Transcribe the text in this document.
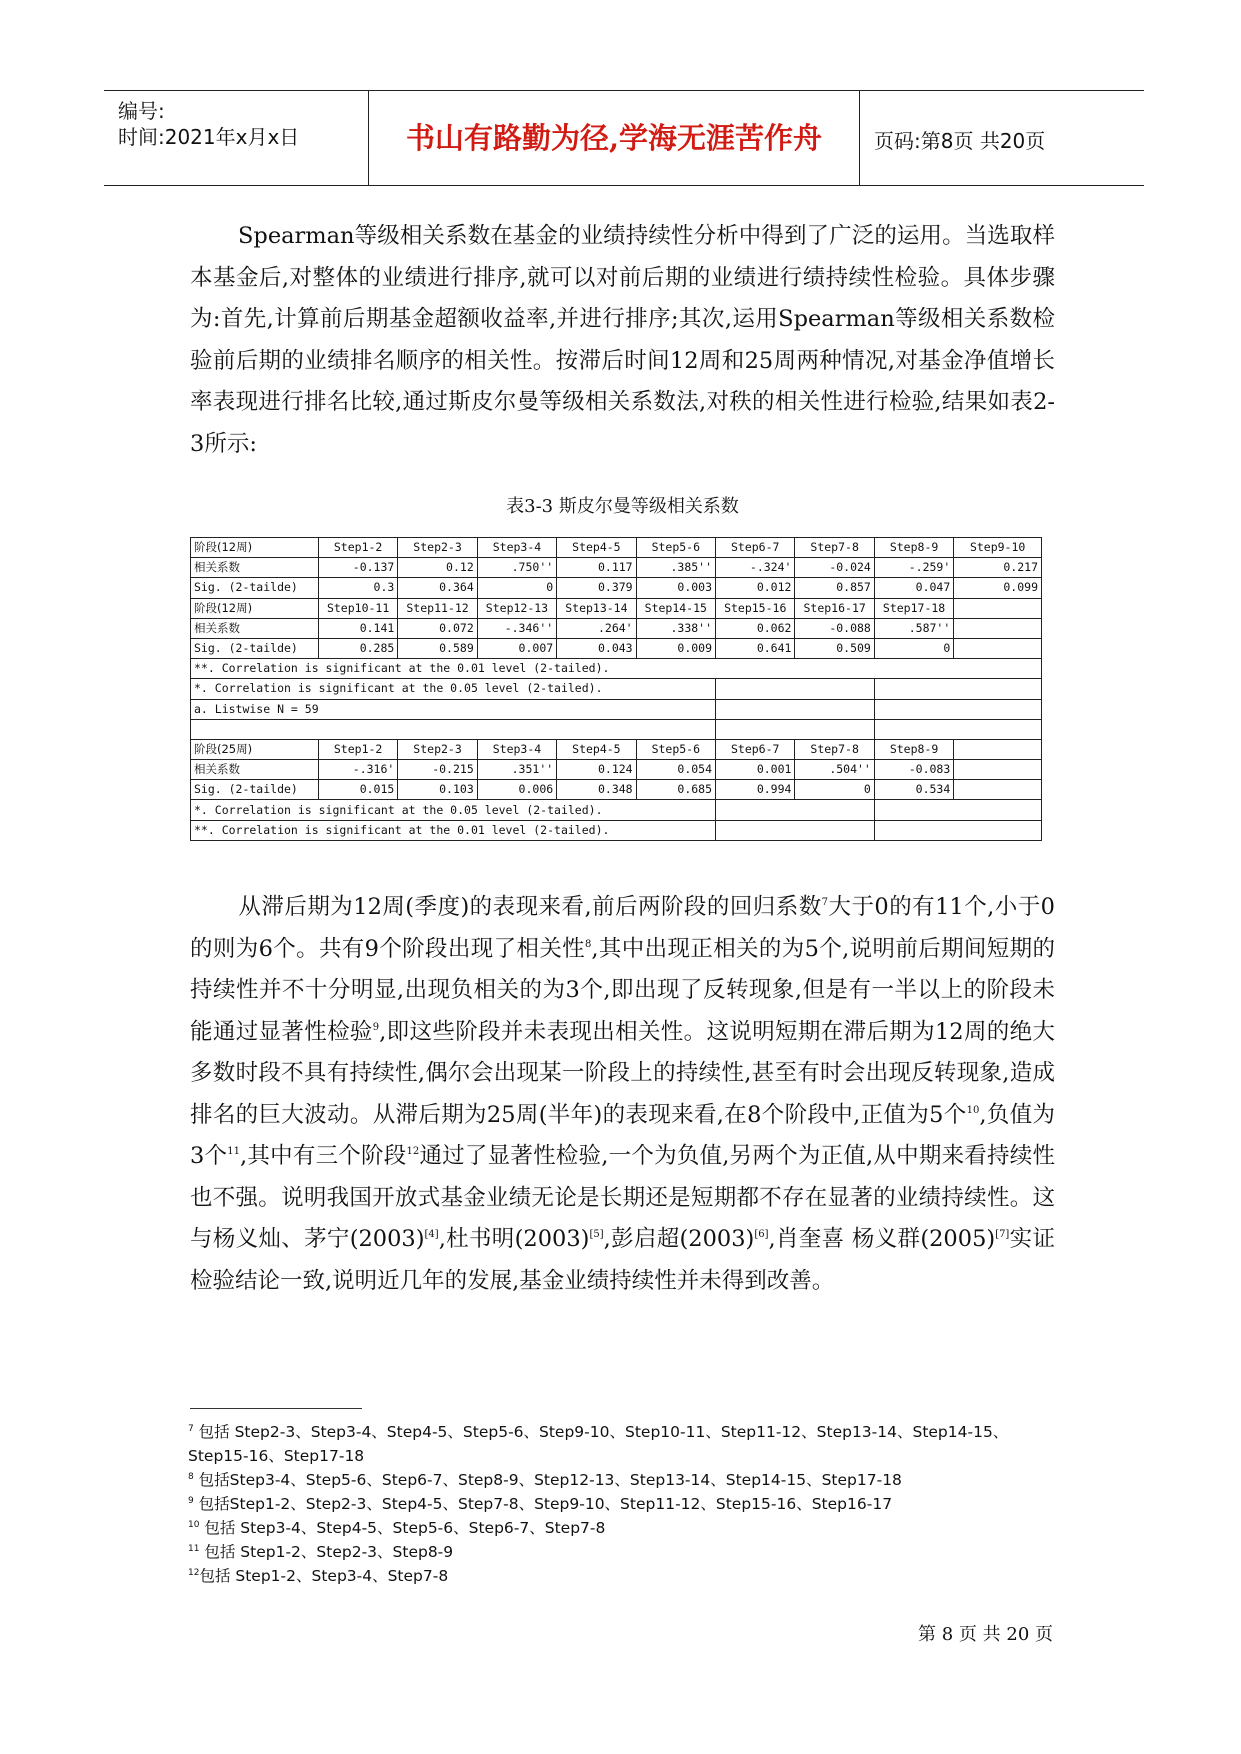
编号:
时间:2021年x月x日	书山有路勤为径,学海无涯苦作舟	页码:第8页 共20页

Spearman等级相关系数在基金的业绩持续性分析中得到了广泛的运用。当选取样本基金后,对整体的业绩进行排序,就可以对前后期的业绩进行绩持续性检验。具体步骤为:首先,计算前后期基金超额收益率,并进行排序;其次,运用Spearman等级相关系数检验前后期的业绩排名顺序的相关性。按滞后时间12周和25周两种情况,对基金净值增长率表现进行排名比较,通过斯皮尔曼等级相关系数法,对秩的相关性进行检验,结果如表2-3所示:

表3-3 斯皮尔曼等级相关系数
阶段(12周)	Step1-2	Step2-3	Step3-4	Step4-5	Step5-6	Step6-7	Step7-8	Step8-9	Step9-10
相关系数	-0.137	0.12	.750''	0.117	.385''	-.324'	-0.024	-.259'	0.217
Sig. (2-tailde)	0.3	0.364	0	0.379	0.003	0.012	0.857	0.047	0.099
阶段(12周)	Step10-11	Step11-12	Step12-13	Step13-14	Step14-15	Step15-16	Step16-17	Step17-18	
相关系数	0.141	0.072	-.346''	.264'	.338''	0.062	-0.088	.587''	
Sig. (2-tailde)	0.285	0.589	0.007	0.043	0.009	0.641	0.509	0	
**. Correlation is significant at the 0.01 level (2-tailed).									
*. Correlation is significant at the 0.05 level (2-tailed).									
a. Listwise N = 59									

阶段(25周)	Step1-2	Step2-3	Step3-4	Step4-5	Step5-6	Step6-7	Step7-8	Step8-9	
相关系数	-.316'	-0.215	.351''	0.124	0.054	0.001	.504''	-0.083	
Sig. (2-tailde)	0.015	0.103	0.006	0.348	0.685	0.994	0	0.534	
*. Correlation is significant at the 0.05 level (2-tailed).									
**. Correlation is significant at the 0.01 level (2-tailed).									

从滞后期为12周(季度)的表现来看,前后两阶段的回归系数$^7$大于0的有11个,小于0的则为6个。共有9个阶段出现了相关性$^8$,其中出现正相关的为5个,说明前后期间短期的持续性并不十分明显,出现负相关的为3个,即出现了反转现象,但是有一半以上的阶段未能通过显著性检验$^9$,即这些阶段并未表现出相关性。这说明短期在滞后期为12周的绝大多数时段不具有持续性,偶尔会出现某一阶段上的持续性,甚至有时会出现反转现象,造成排名的巨大波动。从滞后期为25周(半年)的表现来看,在8个阶段中,正值为5个$^{10}$,负值为3个$^{11}$,其中有三个阶段$^{12}$通过了显著性检验,一个为负值,另两个为正值,从中期来看持续性也不强。说明我国开放式基金业绩无论是长期还是短期都不存在显著的业绩持续性。这与杨义灿、茅宁(2003)[4],杜书明(2003)[5],彭启超(2003)[6],肖奎喜 杨义群(2005)[7]实证检验结论一致,说明近几年的发展,基金业绩持续性并未得到改善。

$^7$ 包括 Step2-3、Step3-4、Step4-5、Step5-6、Step9-10、Step10-11、Step11-12、Step13-14、Step14-15、Step15-16、Step17-18

$^8$ 包括Step3-4、Step5-6、Step6-7、Step8-9、Step12-13、Step13-14、Step14-15、Step17-18

$^9$ 包括Step1-2、Step2-3、Step4-5、Step7-8、Step9-10、Step11-12、Step15-16、Step16-17

$^{10}$ 包括 Step3-4、Step4-5、Step5-6、Step6-7、Step7-8

$^{11}$ 包括 Step1-2、Step2-3、Step8-9

$^{12}$包括 Step1-2、Step3-4、Step7-8

第 8 页 共 20 页
